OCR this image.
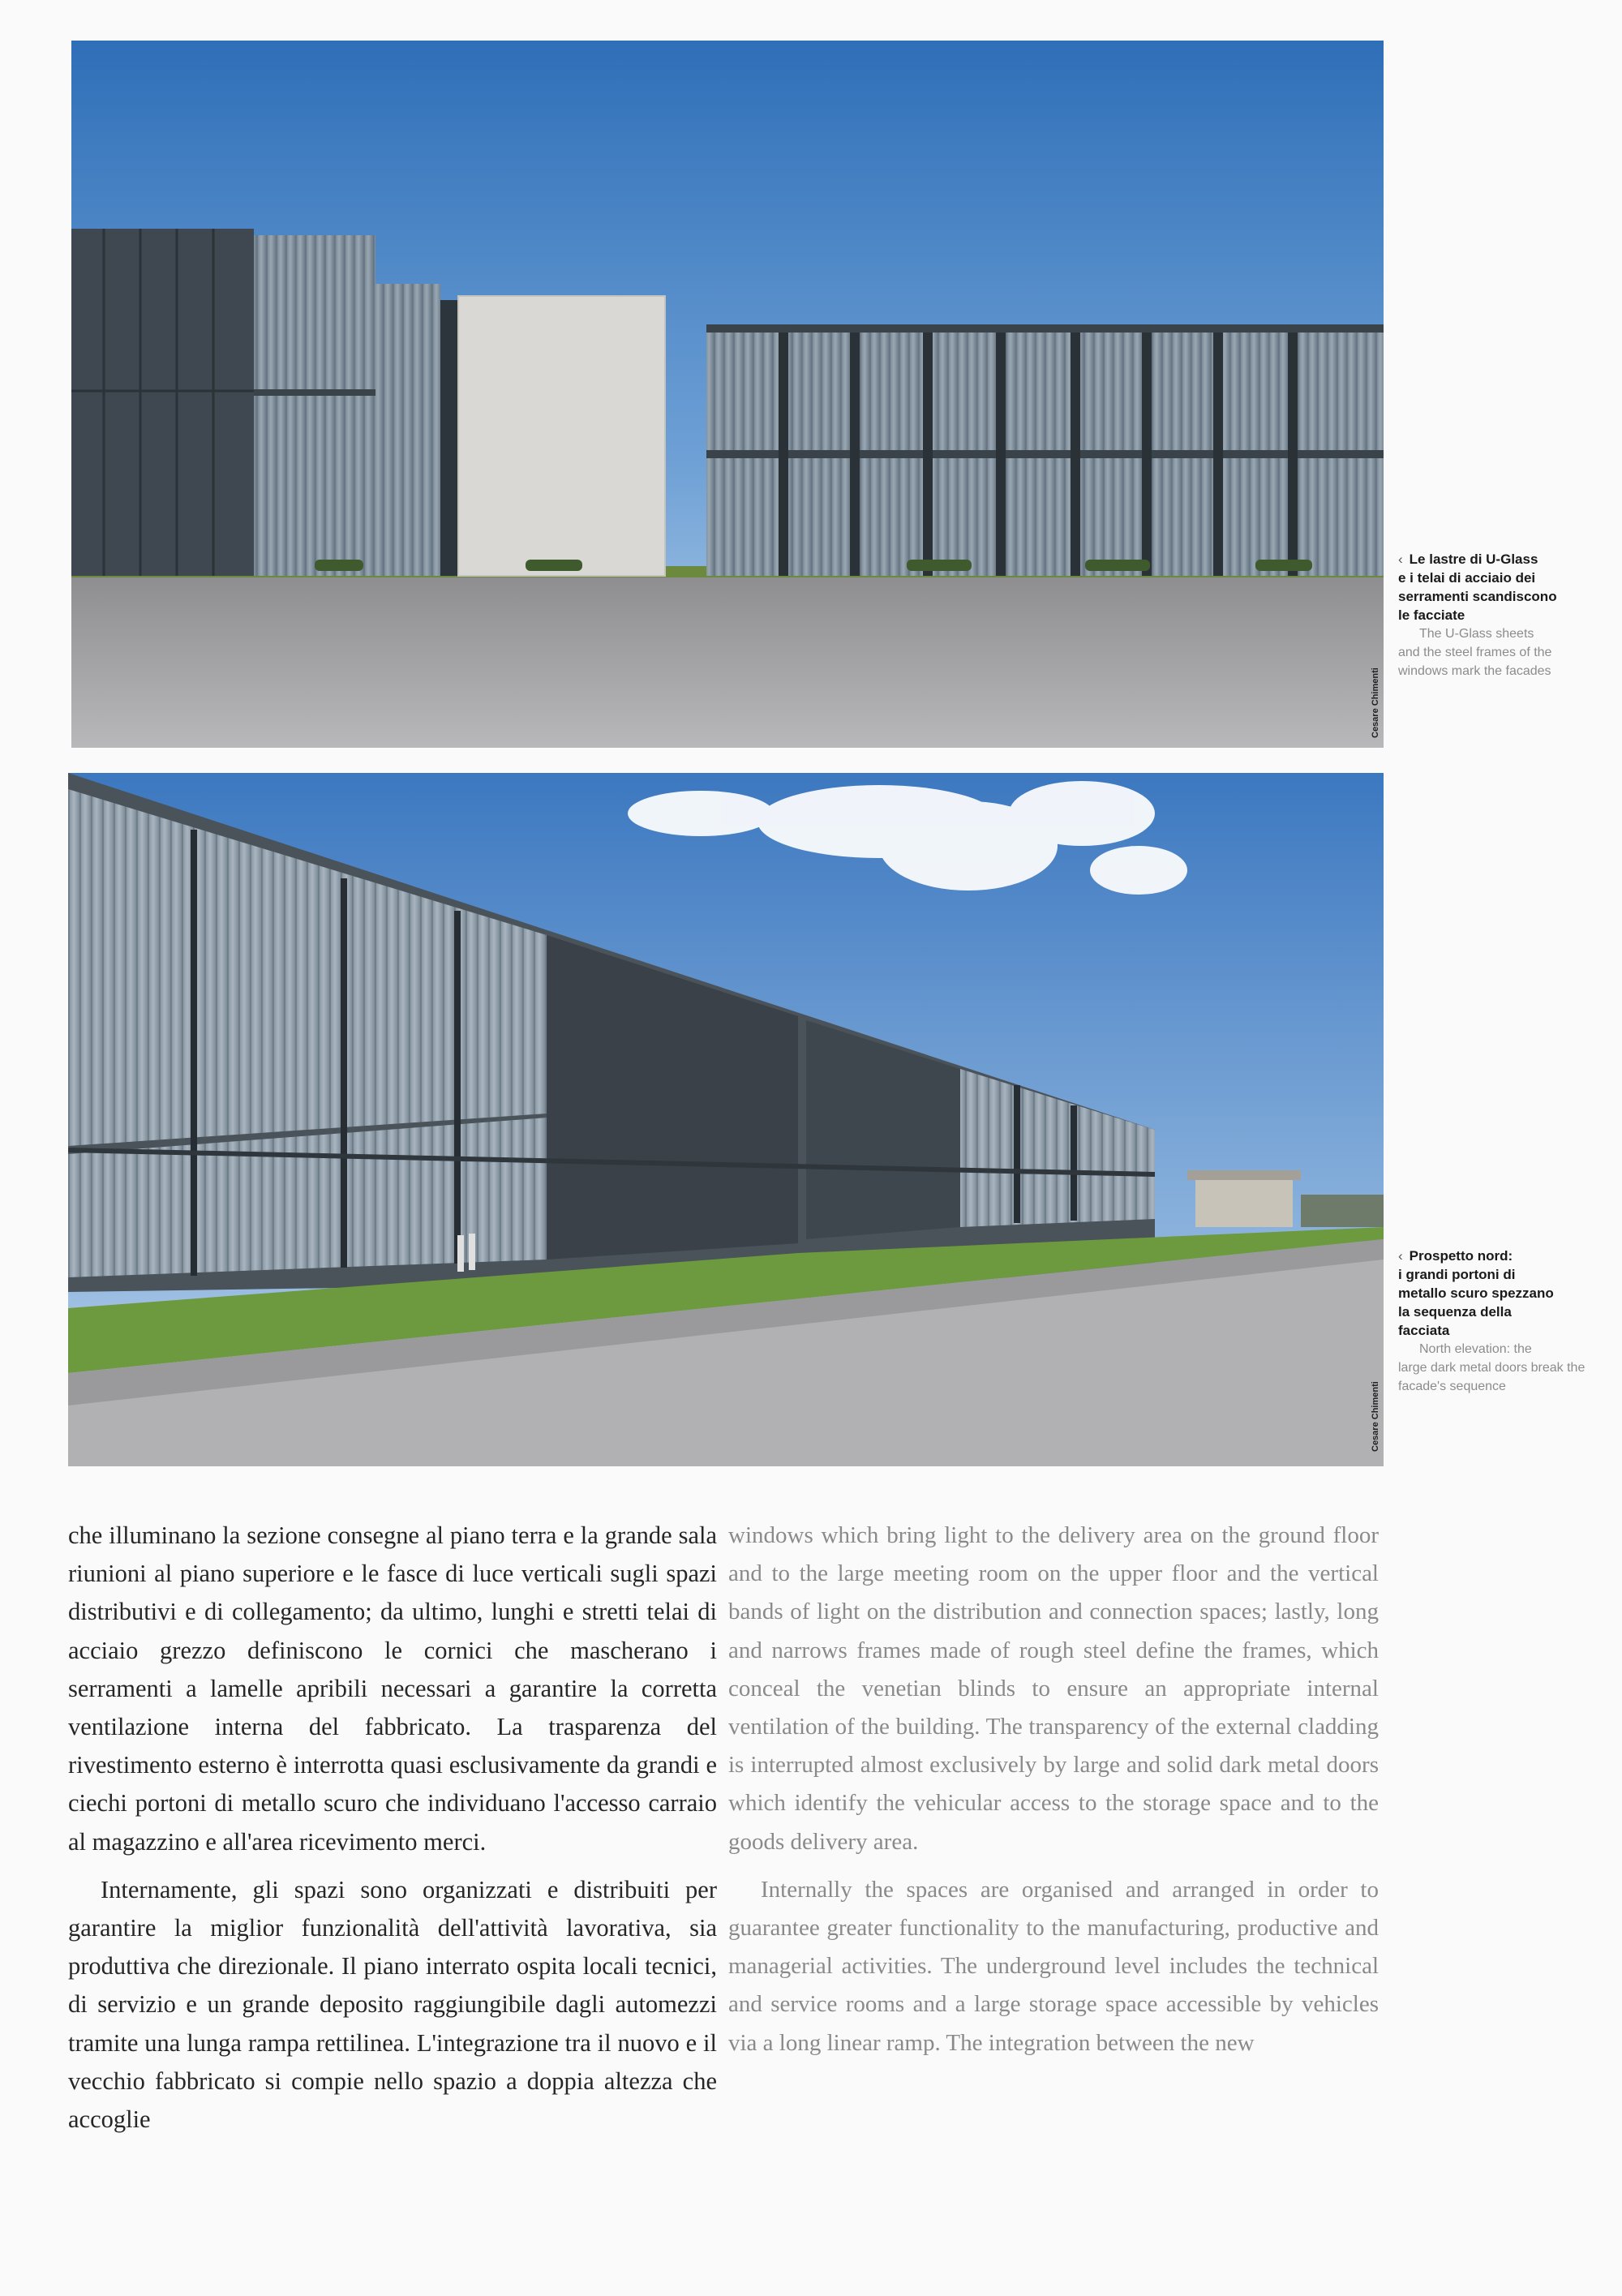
Cesare Chimenti
‹ Le lastre di U-Glass
e i telai di acciaio dei
serramenti scandiscono
le facciate
The U-Glass sheets
and the steel frames of the windows mark the facades
Cesare Chimenti
‹ Prospetto nord:
i grandi portoni di
metallo scuro spezzano
la sequenza della
facciata
North elevation: the
large dark metal doors break the facade's sequence

che illuminano la sezione consegne al piano terra e la grande sala riunioni al piano superiore e le fasce di luce verticali sugli spazi distributivi e di collegamento; da ultimo, lunghi e stretti telai di acciaio grezzo definiscono le cornici che mascherano i serramenti a lamelle apribili necessari a garantire la corretta ventilazione interna del fabbricato. La trasparenza del rivestimento esterno è interrotta quasi esclusivamente da grandi e ciechi portoni di metallo scuro che individuano l'accesso carraio al magazzino e all'area ricevimento merci.

Internamente, gli spazi sono organizzati e distribuiti per garantire la miglior funzionalità dell'attività lavorativa, sia produttiva che direzionale. Il piano interrato ospita locali tecnici, di servizio e un grande deposito raggiungibile dagli automezzi tramite una lunga rampa rettilinea. L'integrazione tra il nuovo e il vecchio fabbricato si compie nello spazio a doppia altezza che accoglie

windows which bring light to the delivery area on the ground floor and to the large meeting room on the upper floor and the vertical bands of light on the distribution and connection spaces; lastly, long and narrows frames made of rough steel define the frames, which conceal the venetian blinds to ensure an appropriate internal ventilation of the building. The transparency of the external cladding is interrupted almost exclusively by large and solid dark metal doors which identify the vehicular access to the storage space and to the goods delivery area.

Internally the spaces are organised and arranged in order to guarantee greater functionality to the manufacturing, productive and managerial activities. The underground level includes the technical and service rooms and a large storage space accessible by vehicles via a long linear ramp. The integration between the new
